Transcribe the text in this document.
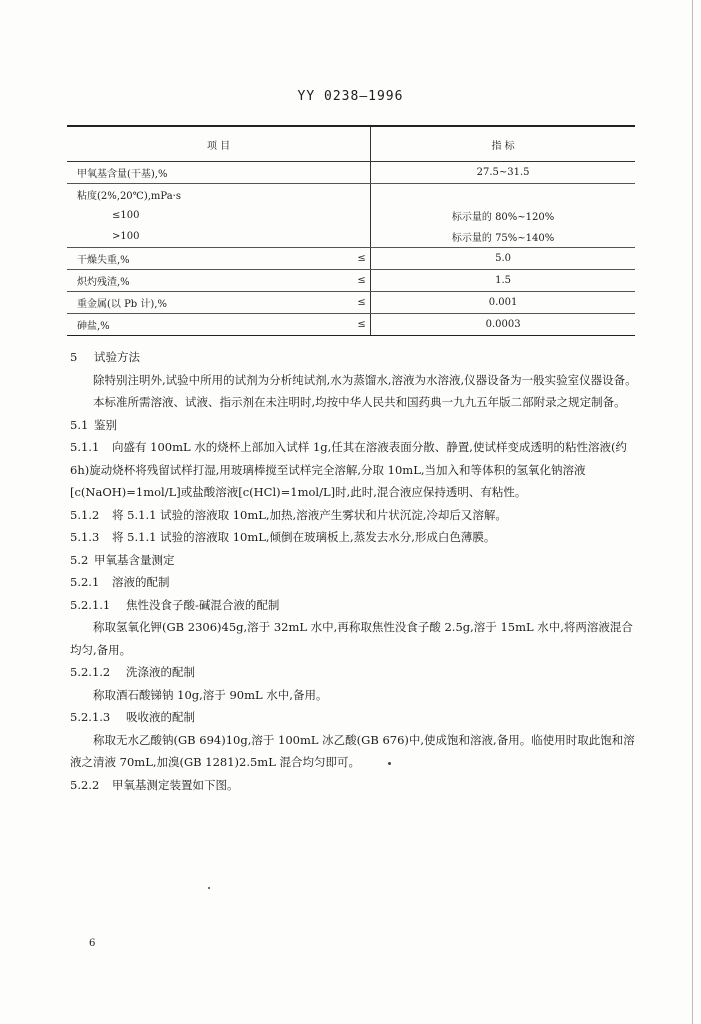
YY 0238—1996
项 目		指 标
甲氧基含量(干基),%		27.5~31.5
粘度(2%,20℃),mPa·s		
≤100		标示量的 80%~120%
>100		标示量的 75%~140%
干燥失重,%	≤	5.0
炽灼残渣,%	≤	1.5
重金属(以 Pb 计),%	≤	0.001
砷盐,%	≤	0.0003

5 试验方法

除特别注明外,试验中所用的试剂为分析纯试剂,水为蒸馏水,溶液为水溶液,仪器设备为一般实验室仪器设备。

本标准所需溶液、试液、指示剂在未注明时,均按中华人民共和国药典一九九五年版二部附录之规定制备。

5.1 鉴别

5.1.1 向盛有 100mL 水的烧杯上部加入试样 1g,任其在溶液表面分散、静置,使试样变成透明的粘性溶液(约 6h)旋动烧杯将残留试样打湿,用玻璃棒搅至试样完全溶解,分取 10mL,当加入和等体积的氢氧化钠溶液[c(NaOH)=1mol/L]或盐酸溶液[c(HCl)=1mol/L]时,此时,混合液应保持透明、有粘性。

5.1.2 将 5.1.1 试验的溶液取 10mL,加热,溶液产生雾状和片状沉淀,冷却后又溶解。

5.1.3 将 5.1.1 试验的溶液取 10mL,倾倒在玻璃板上,蒸发去水分,形成白色薄膜。

5.2 甲氧基含量测定

5.2.1 溶液的配制

5.2.1.1 焦性没食子酸-碱混合液的配制

称取氢氧化钾(GB 2306)45g,溶于 32mL 水中,再称取焦性没食子酸 2.5g,溶于 15mL 水中,将两溶液混合均匀,备用。

5.2.1.2 洗涤液的配制

称取酒石酸锑钠 10g,溶于 90mL 水中,备用。

5.2.1.3 吸收液的配制

称取无水乙酸钠(GB 694)10g,溶于 100mL 冰乙酸(GB 676)中,使成饱和溶液,备用。临使用时取此饱和溶液之清液 70mL,加溴(GB 1281)2.5mL 混合均匀即可。

5.2.2 甲氧基测定装置如下图。

6
